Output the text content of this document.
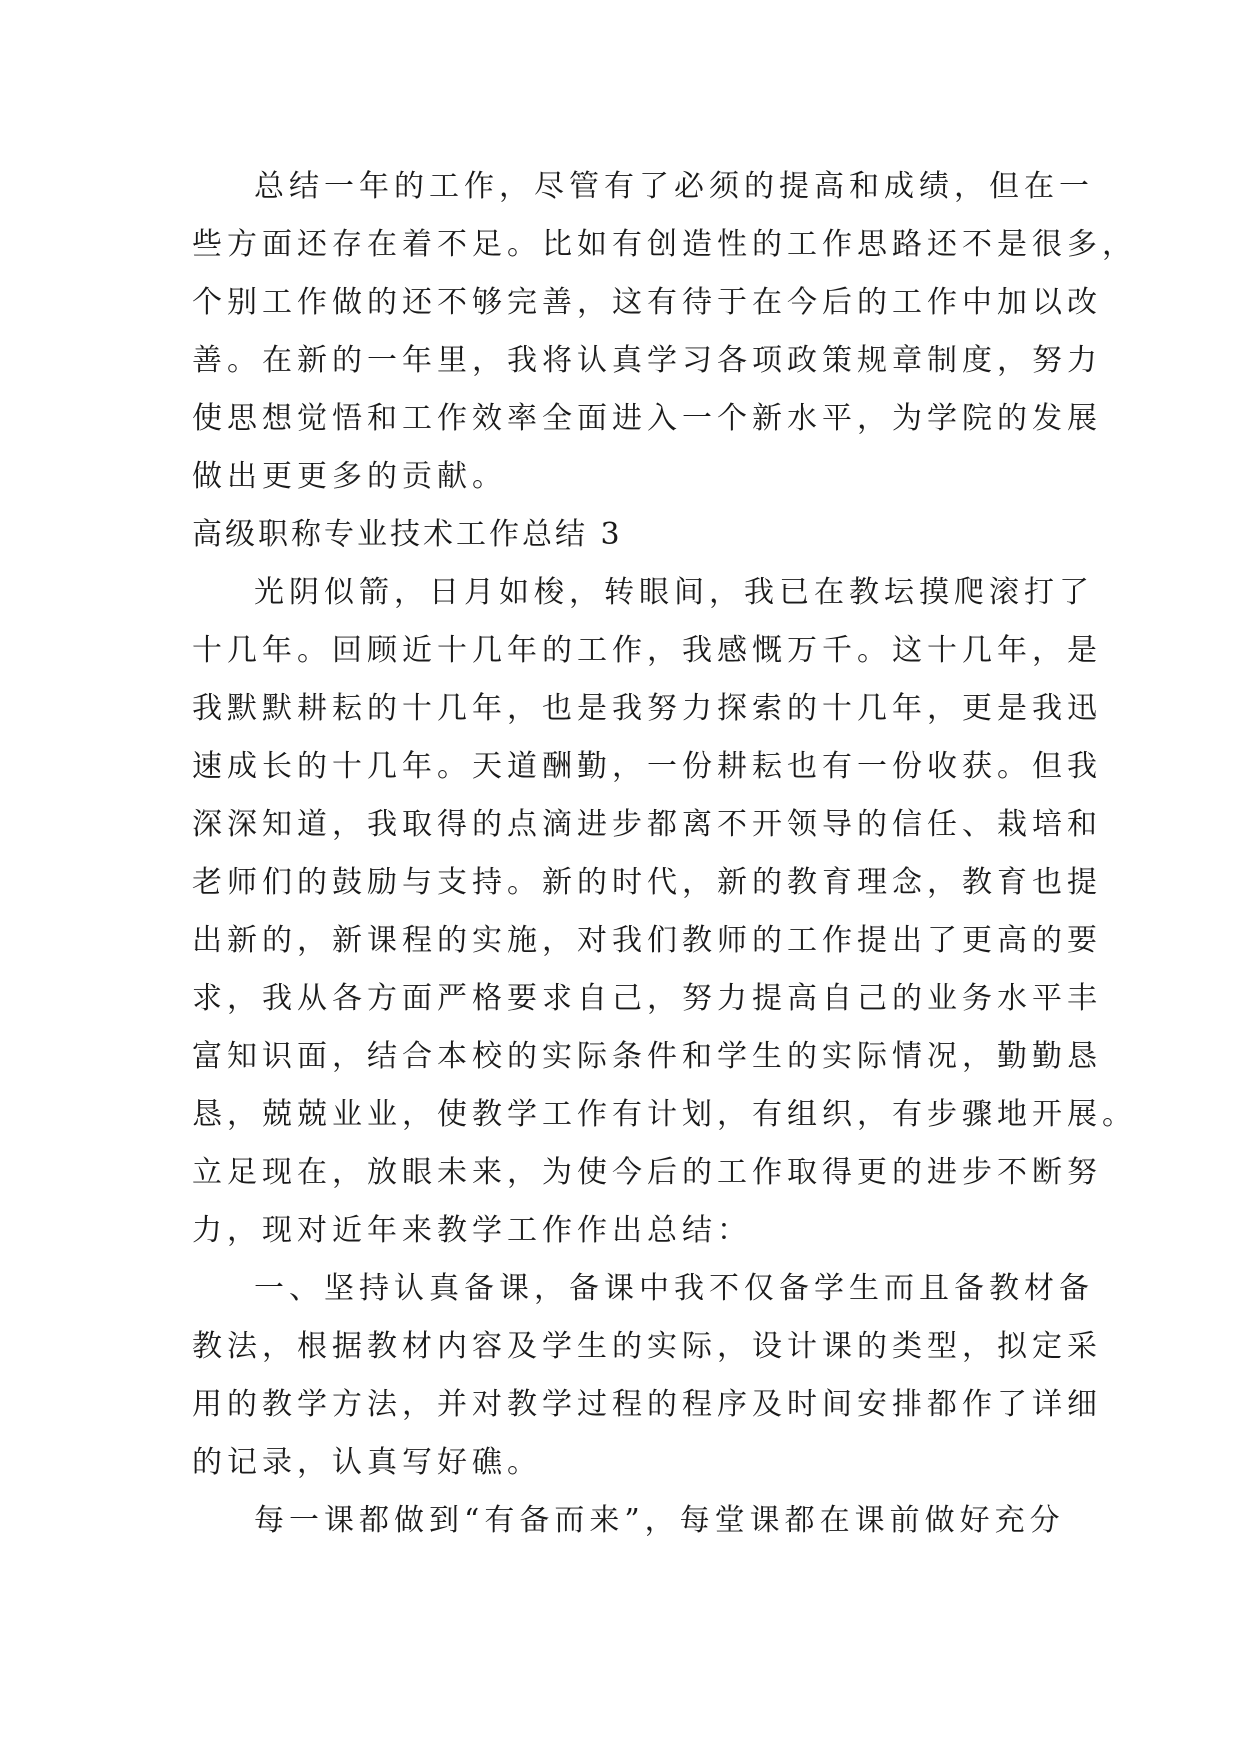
总结一年的工作，尽管有了必须的提高和成绩，但在一
些方面还存在着不足。比如有创造性的工作思路还不是很多，
个别工作做的还不够完善，这有待于在今后的工作中加以改
善。在新的一年里，我将认真学习各项政策规章制度，努力
使思想觉悟和工作效率全面进入一个新水平，为学院的发展
做出更更多的贡献。
高级职称专业技术工作总结 3
光阴似箭，日月如梭，转眼间，我已在教坛摸爬滚打了
十几年。回顾近十几年的工作，我感慨万千。这十几年，是
我默默耕耘的十几年，也是我努力探索的十几年，更是我迅
速成长的十几年。天道酬勤，一份耕耘也有一份收获。但我
深深知道，我取得的点滴进步都离不开领导的信任、栽培和
老师们的鼓励与支持。新的时代，新的教育理念，教育也提
出新的，新课程的实施，对我们教师的工作提出了更高的要
求，我从各方面严格要求自己，努力提高自己的业务水平丰
富知识面，结合本校的实际条件和学生的实际情况，勤勤恳
恳，兢兢业业，使教学工作有计划，有组织，有步骤地开展。
立足现在，放眼未来，为使今后的工作取得更的进步不断努
力，现对近年来教学工作作出总结：
一、坚持认真备课，备课中我不仅备学生而且备教材备
教法，根据教材内容及学生的实际，设计课的类型，拟定采
用的教学方法，并对教学过程的程序及时间安排都作了详细
的记录，认真写好礁。
每一课都做到“有备而来”，每堂课都在课前做好充分
